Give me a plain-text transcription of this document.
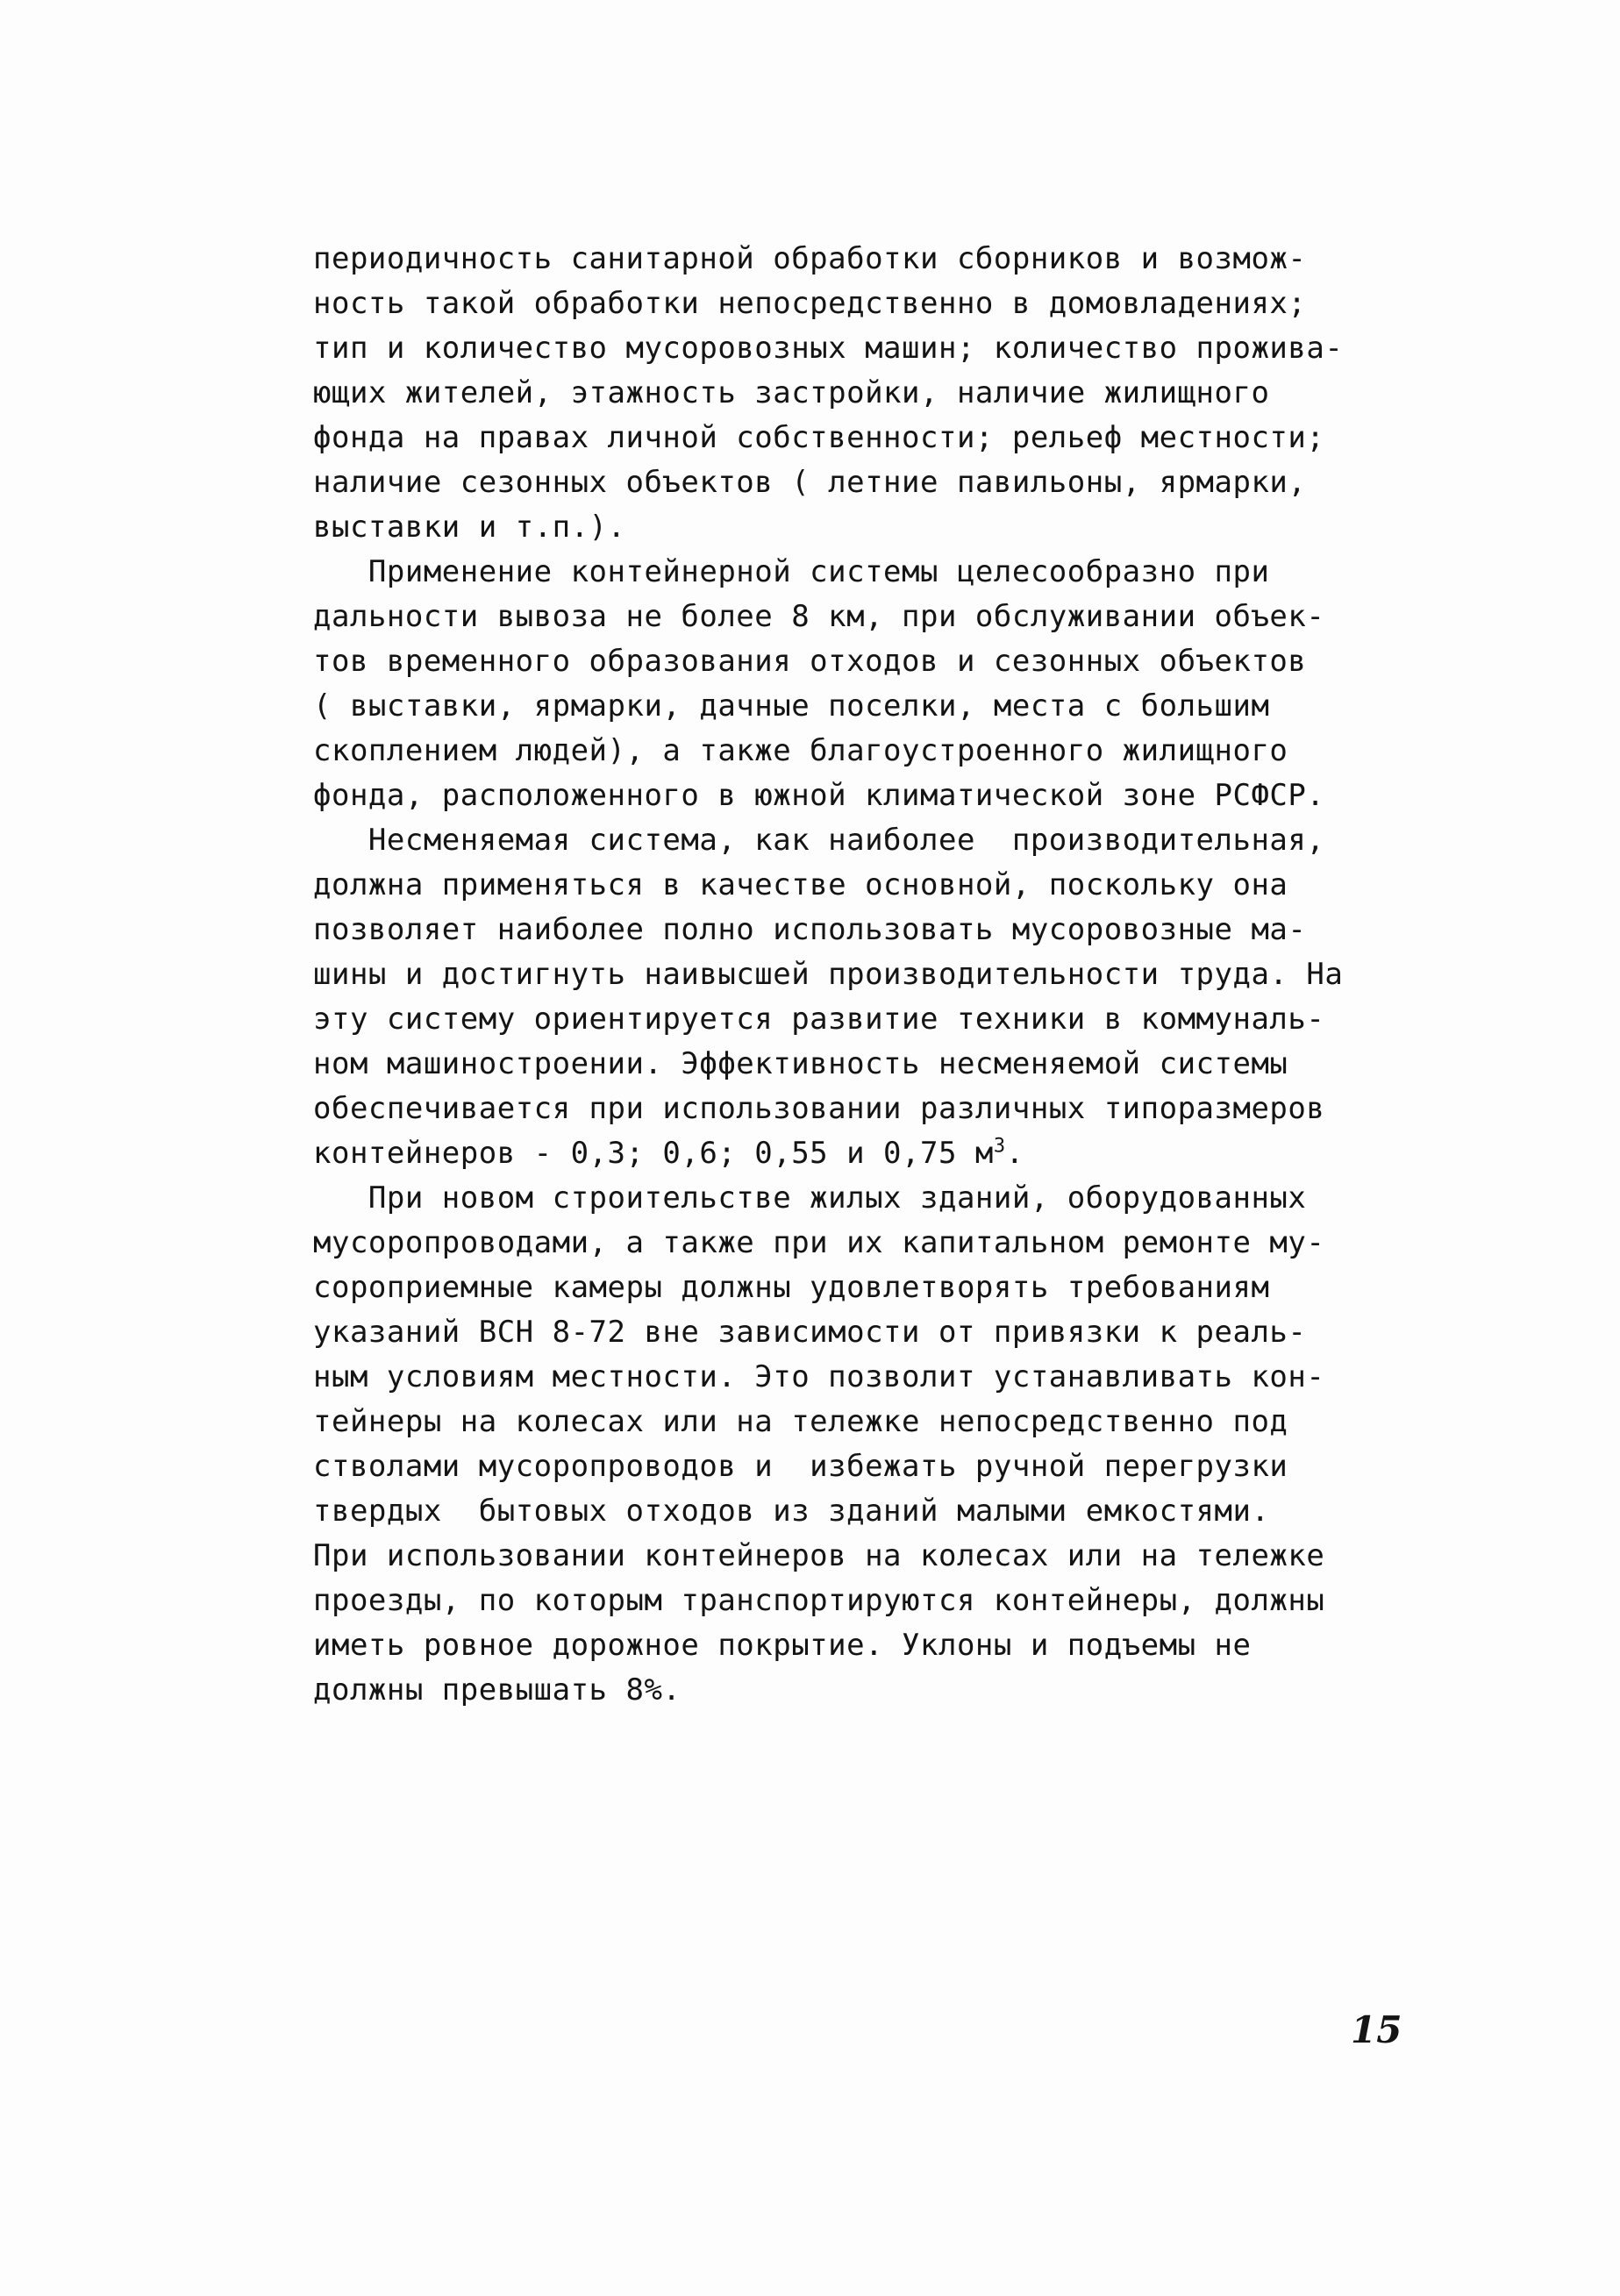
периодичность санитарной обработки сборников и возмож-
ность такой обработки непосредственно в домовладениях;
тип и количество мусоровозных машин; количество прожива-
ющих жителей, этажность застройки, наличие жилищного
фонда на правах личной собственности; рельеф местности;
наличие сезонных объектов ( летние павильоны, ярмарки,
выставки и т.п.).
Применение контейнерной системы целесообразно при
дальности вывоза не более 8 км, при обслуживании объек-
тов временного образования отходов и сезонных объектов
( выставки, ярмарки, дачные поселки, места с большим
скоплением людей), а также благоустроенного жилищного
фонда, расположенного в южной климатической зоне РСФСР.
Несменяемая система, как наиболее  производительная,
должна применяться в качестве основной, поскольку она
позволяет наиболее полно использовать мусоровозные ма-
шины и достигнуть наивысшей производительности труда. На
эту систему ориентируется развитие техники в коммуналь-
ном машиностроении. Эффективность несменяемой системы
обеспечивается при использовании различных типоразмеров
контейнеров - 0,3; 0,6; 0,55 и 0,75 $м^3$.
При новом строительстве жилых зданий, оборудованных
мусоропроводами, а также при их капитальном ремонте му-
сороприемные камеры должны удовлетворять требованиям
указаний ВСН 8-72 вне зависимости от привязки к реаль-
ным условиям местности. Это позволит устанавливать кон-
тейнеры на колесах или на тележке непосредственно под
стволами мусоропроводов и  избежать ручной перегрузки
твердых  бытовых отходов из зданий малыми емкостями.
При использовании контейнеров на колесах или на тележке
проезды, по которым транспортируются контейнеры, должны
иметь ровное дорожное покрытие. Уклоны и подъемы не
должны превышать 8%.
15
